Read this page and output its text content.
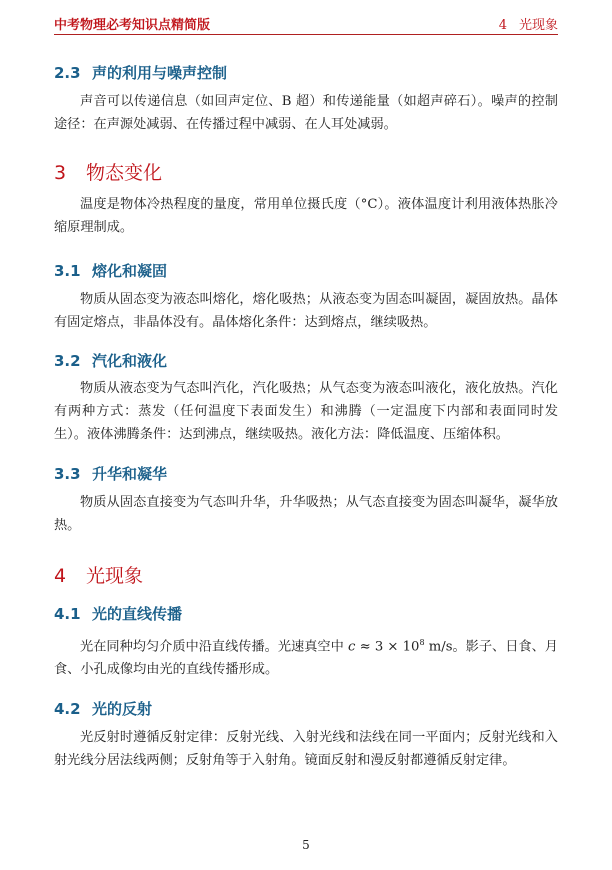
中考物理必考知识点精简版	4 光现象
2.3 声的利用与噪声控制
声音可以传递信息（如回声定位、B 超）和传递能量（如超声碎石）。噪声的控制途径：在声源处减弱、在传播过程中减弱、在人耳处减弱。
3 物态变化
温度是物体冷热程度的量度，常用单位摄氏度（°C）。液体温度计利用液体热胀冷缩原理制成。
3.1 熔化和凝固
物质从固态变为液态叫熔化，熔化吸热；从液态变为固态叫凝固，凝固放热。晶体有固定熔点，非晶体没有。晶体熔化条件：达到熔点，继续吸热。
3.2 汽化和液化
物质从液态变为气态叫汽化，汽化吸热；从气态变为液态叫液化，液化放热。汽化有两种方式：蒸发（任何温度下表面发生）和沸腾（一定温度下内部和表面同时发生）。液体沸腾条件：达到沸点，继续吸热。液化方法：降低温度、压缩体积。
3.3 升华和凝华
物质从固态直接变为气态叫升华，升华吸热；从气态直接变为固态叫凝华，凝华放热。
4 光现象
4.1 光的直线传播
光在同种均匀介质中沿直线传播。光速真空中 $c \approx 3 \times 10^8$ m/s。影子、日食、月食、小孔成像均由光的直线传播形成。
4.2 光的反射
光反射时遵循反射定律：反射光线、入射光线和法线在同一平面内；反射光线和入射光线分居法线两侧；反射角等于入射角。镜面反射和漫反射都遵循反射定律。
5
